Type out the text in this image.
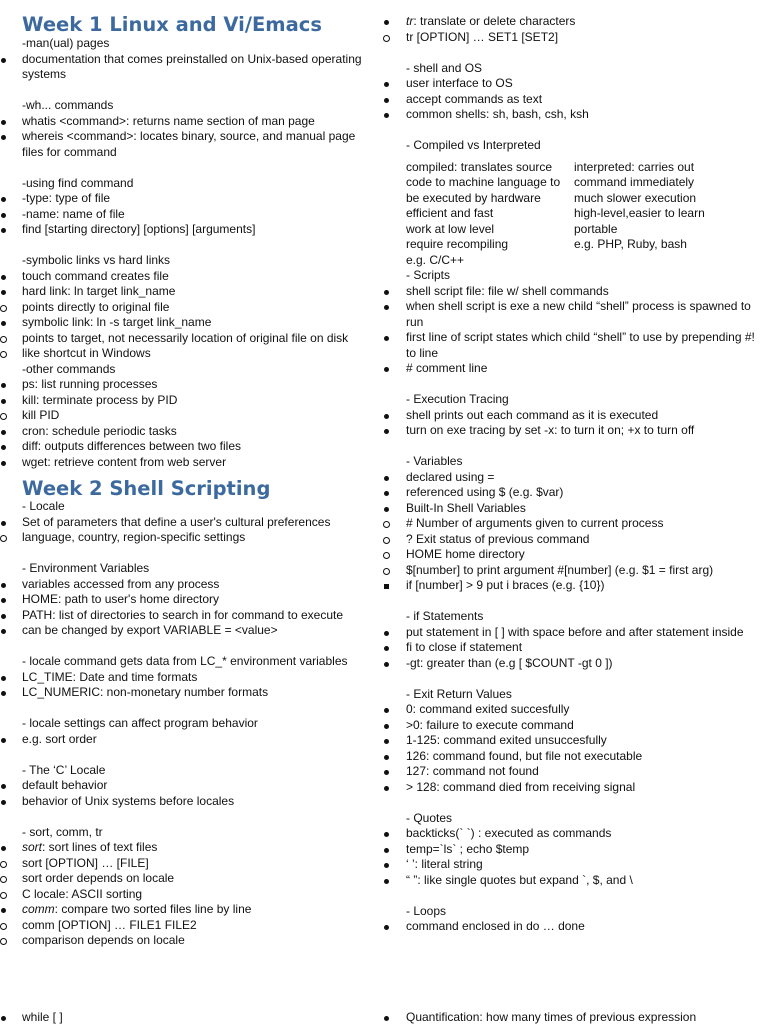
Week 1 Linux and Vi/Emacs
-man(ual) pages
documentation that comes preinstalled on Unix-based operating systems
-wh... commands
whatis <command>: returns name section of man page
whereis <command>: locates binary, source, and manual page files for command
-using find command
-type: type of file
-name: name of file
find [starting directory] [options] [arguments]
-symbolic links vs hard links
touch command creates file
hard link: ln target link_name
points directly to original file
symbolic link: ln -s target link_name
points to target, not necessarily location of original file on disk
like shortcut in Windows
-other commands
ps: list running processes
kill: terminate process by PID
kill PID
cron: schedule periodic tasks
diff: outputs differences between two files
wget: retrieve content from web server
Week 2 Shell Scripting
- Locale
Set of parameters that define a user's cultural preferences
language, country, region-specific settings
- Environment Variables
variables accessed from any process
HOME: path to user's home directory
PATH: list of directories to search in for command to execute
can be changed by export VARIABLE = <value>
- locale command gets data from LC_* environment variables
LC_TIME: Date and time formats
LC_NUMERIC: non-monetary number formats
- locale settings can affect program behavior
e.g. sort order
- The ‘C’ Locale
default behavior
behavior of Unix systems before locales
- sort, comm, tr
sort: sort lines of text files
sort [OPTION] … [FILE]
sort order depends on locale
C locale: ASCII sorting
comm: compare two sorted files line by line
comm [OPTION] … FILE1 FILE2
comparison depends on locale
while [ ]
tr: translate or delete characters
tr [OPTION] … SET1 [SET2]
- shell and OS
user interface to OS
accept commands as text
common shells: sh, bash, csh, ksh
- Compiled vs Interpreted
compiled: translates source
code to machine language to
be executed by hardware
efficient and fast
work at low level
require recompiling
e.g. C/C++
interpreted: carries out
command immediately
much slower execution
high-level,easier to learn
portable
e.g. PHP, Ruby, bash
- Scripts
shell script file: file w/ shell commands
when shell script is exe a new child “shell” process is spawned to run
first line of script states which child “shell” to use by prepending #! to line
# comment line
- Execution Tracing
shell prints out each command as it is executed
turn on exe tracing by set -x: to turn it on; +x to turn off
- Variables
declared using =
referenced using $ (e.g. $var)
Built-In Shell Variables
# Number of arguments given to current process
? Exit status of previous command
HOME home directory
$[number] to print argument #[number] (e.g. $1 = first arg)
if [number] > 9 put i braces (e.g. {10})
- if Statements
put statement in [ ] with space before and after statement inside
fi to close if statement
-gt: greater than (e.g [ $COUNT -gt 0 ])
- Exit Return Values
0: command exited succesfully
>0: failure to execute command
1-125: command exited unsuccesfully
126: command found, but file not executable
127: command not found
> 128: command died from receiving signal
- Quotes
backticks(` `) : executed as commands
temp=`ls` ; echo $temp
‘ ’: literal string
“ ”: like single quotes but expand `, $, and \
- Loops
command enclosed in do … done
Quantification: how many times of previous expression
